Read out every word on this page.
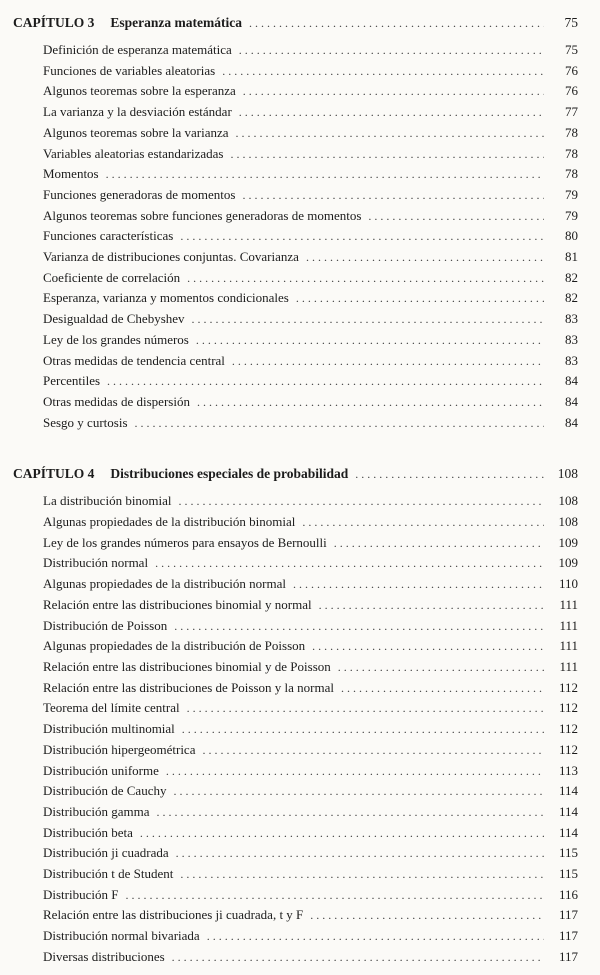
CAPÍTULO 3 Esperanza matemática .....	75
Definición de esperanza matemática .....	75
Funciones de variables aleatorias .....	76
Algunos teoremas sobre la esperanza .....	76
La varianza y la desviación estándar .....	77
Algunos teoremas sobre la varianza .....	78
Variables aleatorias estandarizadas .....	78
Momentos .....	78
Funciones generadoras de momentos .....	79
Algunos teoremas sobre funciones generadoras de momentos .....	79
Funciones características .....	80
Varianza de distribuciones conjuntas. Covarianza .....	81
Coeficiente de correlación .....	82
Esperanza, varianza y momentos condicionales .....	82
Desigualdad de Chebyshev .....	83
Ley de los grandes números .....	83
Otras medidas de tendencia central .....	83
Percentiles .....	84
Otras medidas de dispersión .....	84
Sesgo y curtosis .....	84
CAPÍTULO 4 Distribuciones especiales de probabilidad .....	108
La distribución binomial .....	108
Algunas propiedades de la distribución binomial .....	108
Ley de los grandes números para ensayos de Bernoulli .....	109
Distribución normal .....	109
Algunas propiedades de la distribución normal .....	110
Relación entre las distribuciones binomial y normal .....	111
Distribución de Poisson .....	111
Algunas propiedades de la distribución de Poisson .....	111
Relación entre las distribuciones binomial y de Poisson .....	111
Relación entre las distribuciones de Poisson y la normal .....	112
Teorema del límite central .....	112
Distribución multinomial .....	112
Distribución hipergeométrica .....	112
Distribución uniforme .....	113
Distribución de Cauchy .....	114
Distribución gamma .....	114
Distribución beta .....	114
Distribución ji cuadrada .....	115
Distribución t de Student .....	115
Distribución F .....	116
Relación entre las distribuciones ji cuadrada, t y F .....	117
Distribución normal bivariada .....	117
Diversas distribuciones .....	117
